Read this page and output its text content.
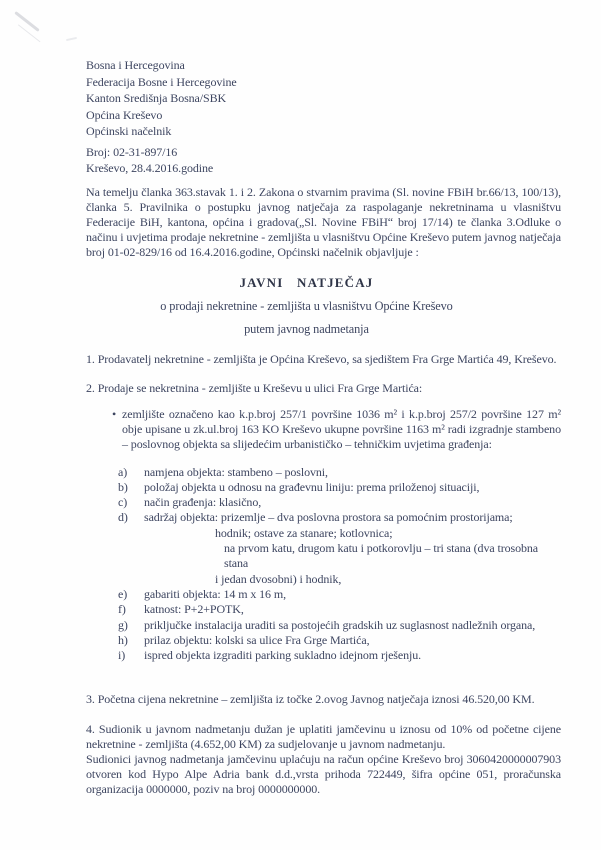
Bosna i Hercegovina
Federacija Bosne i Hercegovine
Kanton Središnja Bosna/SBK
Općina Kreševo
Općinski načelnik
Broj: 02-31-897/16
Kreševo, 28.4.2016.godine

Na temelju članka 363.stavak 1. i 2. Zakona o stvarnim pravima (Sl. novine FBiH br.66/13, 100/13), članka 5. Pravilnika o postupku javnog natječaja za raspolaganje nekretninama u vlasništvu Federacije BiH, kantona, općina i gradova(„Sl. Novine FBiH“ broj 17/14) te članka 3.Odluke o načinu i uvjetima prodaje nekretnine - zemljišta u vlasništvu Općine Kreševo putem javnog natječaja broj 01-02-829/16 od 16.4.2016.godine, Općinski načelnik objavljuje :

JAVNI NATJEČAJ
o prodaji nekretnine - zemljišta u vlasništvu Općine Kreševo
putem javnog nadmetanja

1. Prodavatelj nekretnine - zemljišta je Općina Kreševo, sa sjedištem Fra Grge Martića 49, Kreševo.

2. Prodaje se nekretnina - zemljište u Kreševu u ulici Fra Grge Martića:

• zemljište označeno kao k.p.broj 257/1 površine 1036 m² i k.p.broj 257/2 površine 127 m² obje upisane u zk.ul.broj 163 KO Kreševo ukupne površine 1163 m² radi izgradnje stambeno – poslovnog objekta sa slijedećim urbanističko – tehničkim uvjetima građenja:
a)	namjena objekta: stambeno – poslovni,
b)	položaj objekta u odnosu na građevnu liniju: prema priloženoj situaciji,
c)	način građenja: klasično,
d)	sadržaj objekta: prizemlje – dva poslovna prostora sa pomoćnim prostorijama;
hodnik; ostave za stanare; kotlovnica;
na prvom katu, drugom katu i potkorovlju – tri stana (dva trosobna stana
i jedan dvosobni) i hodnik,
e)	gabariti objekta: 14 m x 16 m,
f)	katnost: P+2+POTK,
g)	priključke instalacija uraditi sa postojećih gradskih uz suglasnost nadležnih organa,
h)	prilaz objektu: kolski sa ulice Fra Grge Martića,
i)	ispred objekta izgraditi parking sukladno idejnom rješenju.

3. Početna cijena nekretnine – zemljišta iz točke 2.ovog Javnog natječaja iznosi 46.520,00 KM.

4. Sudionik u javnom nadmetanju dužan je uplatiti jamčevinu u iznosu od 10% od početne cijene nekretnine - zemljišta (4.652,00 KM) za sudjelovanje u javnom nadmetanju.

Sudionici javnog nadmetanja jamčevinu uplaćuju na račun općine Kreševo broj 3060420000007903 otvoren kod Hypo Alpe Adria bank d.d.,vrsta prihoda 722449, šifra općine 051, proračunska organizacija 0000000, poziv na broj 0000000000.
